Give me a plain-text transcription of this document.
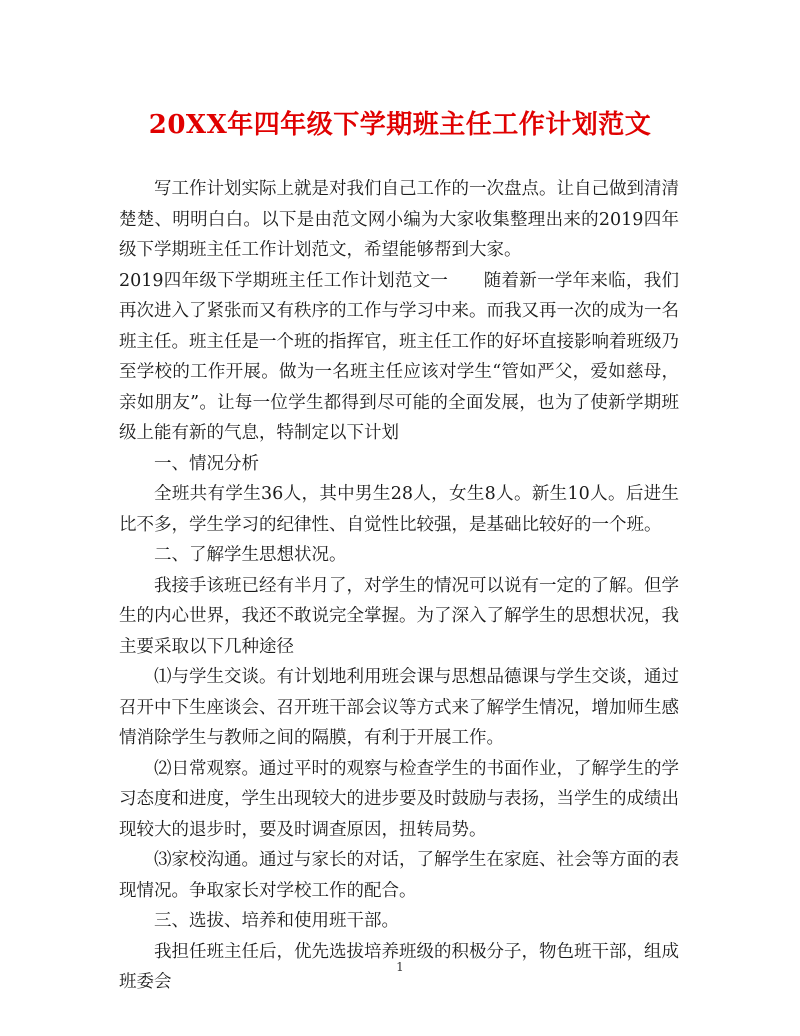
20XX年四年级下学期班主任工作计划范文

写工作计划实际上就是对我们自己工作的一次盘点。让自己做到清清楚楚、明明白白。以下是由范文网小编为大家收集整理出来的2019四年级下学期班主任工作计划范文，希望能够帮到大家。

2019四年级下学期班主任工作计划范文一　　随着新一学年来临，我们再次进入了紧张而又有秩序的工作与学习中来。而我又再一次的成为一名班主任。班主任是一个班的指挥官，班主任工作的好坏直接影响着班级乃至学校的工作开展。做为一名班主任应该对学生“管如严父，爱如慈母，亲如朋友”。让每一位学生都得到尽可能的全面发展，也为了使新学期班级上能有新的气息，特制定以下计划

一、情况分析

全班共有学生36人，其中男生28人，女生8人。新生10人。后进生比不多，学生学习的纪律性、自觉性比较强，是基础比较好的一个班。

二、了解学生思想状况。

我接手该班已经有半月了，对学生的情况可以说有一定的了解。但学生的内心世界，我还不敢说完全掌握。为了深入了解学生的思想状况，我主要采取以下几种途径

⑴与学生交谈。有计划地利用班会课与思想品德课与学生交谈，通过召开中下生座谈会、召开班干部会议等方式来了解学生情况，增加师生感情消除学生与教师之间的隔膜，有利于开展工作。

⑵日常观察。通过平时的观察与检查学生的书面作业，了解学生的学习态度和进度，学生出现较大的进步要及时鼓励与表扬，当学生的成绩出现较大的退步时，要及时调查原因，扭转局势。

⑶家校沟通。通过与家长的对话，了解学生在家庭、社会等方面的表现情况。争取家长对学校工作的配合。

三、选拔、培养和使用班干部。

我担任班主任后，优先选拔培养班级的积极分子，物色班干部，组成班委会

1
